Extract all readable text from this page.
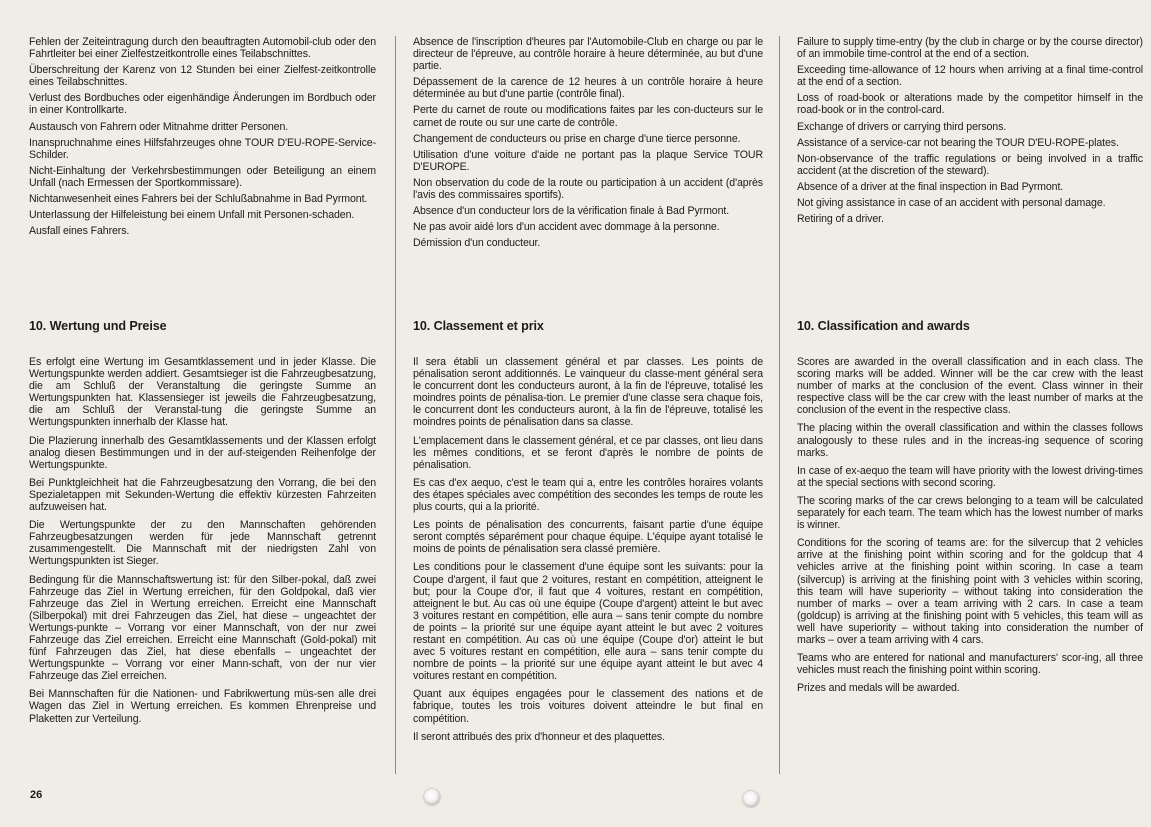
Fehlen der Zeiteintragung durch den beauftragten Automobil-club oder den Fahrtleiter bei einer Zielfestzeitkontrolle eines Teilabschnittes.

Überschreitung der Karenz von 12 Stunden bei einer Zielfest-zeitkontrolle eines Teilabschnittes.

Verlust des Bordbuches oder eigenhändige Änderungen im Bordbuch oder in einer Kontrollkarte.

Austausch von Fahrern oder Mitnahme dritter Personen.

Inanspruchnahme eines Hilfsfahrzeuges ohne TOUR D'EU-ROPE-Service-Schilder.

Nicht-Einhaltung der Verkehrsbestimmungen oder Beteiligung an einem Unfall (nach Ermessen der Sportkommissare).

Nichtanwesenheit eines Fahrers bei der Schlußabnahme in Bad Pyrmont.

Unterlassung der Hilfeleistung bei einem Unfall mit Personen-schaden.

Ausfall eines Fahrers.

10. Wertung und Preise

Es erfolgt eine Wertung im Gesamtklassement und in jeder Klasse. Die Wertungspunkte werden addiert. Gesamtsieger ist die Fahrzeugbesatzung, die am Schluß der Veranstaltung die geringste Summe an Wertungspunkten hat. Klassensieger ist jeweils die Fahrzeugbesatzung, die am Schluß der Veranstal-tung die geringste Summe an Wertungspunkten innerhalb der Klasse hat.

Die Plazierung innerhalb des Gesamtklassements und der Klassen erfolgt analog diesen Bestimmungen und in der auf-steigenden Reihenfolge der Wertungspunkte.

Bei Punktgleichheit hat die Fahrzeugbesatzung den Vorrang, die bei den Spezialetappen mit Sekunden-Wertung die effektiv kürzesten Fahrzeiten aufzuweisen hat.

Die Wertungspunkte der zu den Mannschaften gehörenden Fahrzeugbesatzungen werden für jede Mannschaft getrennt zusammengestellt. Die Mannschaft mit der niedrigsten Zahl von Wertungspunkten ist Sieger.

Bedingung für die Mannschaftswertung ist: für den Silber-pokal, daß zwei Fahrzeuge das Ziel in Wertung erreichen, für den Goldpokal, daß vier Fahrzeuge das Ziel in Wertung erreichen. Erreicht eine Mannschaft (Silberpokal) mit drei Fahrzeugen das Ziel, hat diese – ungeachtet der Wertungs-punkte – Vorrang vor einer Mannschaft, von der nur zwei Fahrzeuge das Ziel erreichen. Erreicht eine Mannschaft (Gold-pokal) mit fünf Fahrzeugen das Ziel, hat diese ebenfalls – ungeachtet der Wertungspunkte – Vorrang vor einer Mann-schaft, von der nur vier Fahrzeuge das Ziel erreichen.

Bei Mannschaften für die Nationen- und Fabrikwertung müs-sen alle drei Wagen das Ziel in Wertung erreichen. Es kommen Ehrenpreise und Plaketten zur Verteilung.

Absence de l'inscription d'heures par l'Automobile-Club en charge ou par le directeur de l'épreuve, au contrôle horaire à heure déterminée, au but d'une partie.

Dépassement de la carence de 12 heures à un contrôle horaire à heure déterminée au but d'une partie (contrôle final).

Perte du carnet de route ou modifications faites par les con-ducteurs sur le carnet de route ou sur une carte de contrôle.

Changement de conducteurs ou prise en charge d'une tierce personne.

Utilisation d'une voiture d'aide ne portant pas la plaque Service TOUR D'EUROPE.

Non observation du code de la route ou participation à un accident (d'après l'avis des commissaires sportifs).

Absence d'un conducteur lors de la vérification finale à Bad Pyrmont.

Ne pas avoir aidé lors d'un accident avec dommage à la personne.

Démission d'un conducteur.

10. Classement et prix

Il sera établi un classement général et par classes. Les points de pénalisation seront additionnés. Le vainqueur du classe-ment général sera le concurrent dont les conducteurs auront, à la fin de l'épreuve, totalisé les moindres points de pénalisa-tion. Le premier d'une classe sera chaque fois, le concurrent dont les conducteurs auront, à la fin de l'épreuve, totalisé les moindres points de pénalisation dans sa classe.

L'emplacement dans le classement général, et ce par classes, ont lieu dans les mêmes conditions, et se feront d'après le nombre de points de pénalisation.

Es cas d'ex aequo, c'est le team qui a, entre les contrôles horaires volants des étapes spéciales avec compétition des secondes les temps de route les plus courts, qui a la priorité.

Les points de pénalisation des concurrents, faisant partie d'une équipe seront comptés séparément pour chaque équipe. L'équipe ayant totalisé le moins de points de pénalisation sera classé première.

Les conditions pour le classement d'une équipe sont les suivants: pour la Coupe d'argent, il faut que 2 voitures, restant en compétition, atteignent le but; pour la Coupe d'or, il faut que 4 voitures, restant en compétition, atteignent le but. Au cas où une équipe (Coupe d'argent) atteint le but avec 3 voitures restant en compétition, elle aura – sans tenir compte du nombre de points – la priorité sur une équipe ayant atteint le but avec 2 voitures restant en compétition. Au cas où une équipe (Coupe d'or) atteint le but avec 5 voitures restant en compétition, elle aura – sans tenir compte du nombre de points – la priorité sur une équipe ayant atteint le but avec 4 voitures restant en compétition.

Quant aux équipes engagées pour le classement des nations et de fabrique, toutes les trois voitures doivent atteindre le but final en compétition.

Il seront attribués des prix d'honneur et des plaquettes.

Failure to supply time-entry (by the club in charge or by the course director) of an immobile time-control at the end of a section.

Exceeding time-allowance of 12 hours when arriving at a final time-control at the end of a section.

Loss of road-book or alterations made by the competitor himself in the road-book or in the control-card.

Exchange of drivers or carrying third persons.

Assistance of a service-car not bearing the TOUR D'EU-ROPE-plates.

Non-observance of the traffic regulations or being involved in a traffic accident (at the discretion of the steward).

Absence of a driver at the final inspection in Bad Pyrmont.

Not giving assistance in case of an accident with personal damage.

Retiring of a driver.

10. Classification and awards

Scores are awarded in the overall classification and in each class. The scoring marks will be added. Winner will be the car crew with the least number of marks at the conclusion of the event. Class winner in their respective class will be the car crew with the least number of marks at the conclusion of the event in the respective class.

The placing within the overall classification and within the classes follows analogously to these rules and in the increas-ing sequence of scoring marks.

In case of ex-aequo the team will have priority with the lowest driving-times at the special sections with second scoring.

The scoring marks of the car crews belonging to a team will be calculated separately for each team. The team which has the lowest number of marks is winner.

Conditions for the scoring of teams are: for the silvercup that 2 vehicles arrive at the finishing point within scoring and for the goldcup that 4 vehicles arrive at the finishing point within scoring. In case a team (silvercup) is arriving at the finishing point with 3 vehicles within scoring, this team will have superiority – without taking into consideration the number of marks – over a team arriving with 2 cars. In case a team (goldcup) is arriving at the finishing point with 5 vehicles, this team will as well have superiority – without taking into consideration the number of marks – over a team arriving with 4 cars.

Teams who are entered for national and manufacturers' scor-ing, all three vehicles must reach the finishing point within scoring.

Prizes and medals will be awarded.

26
